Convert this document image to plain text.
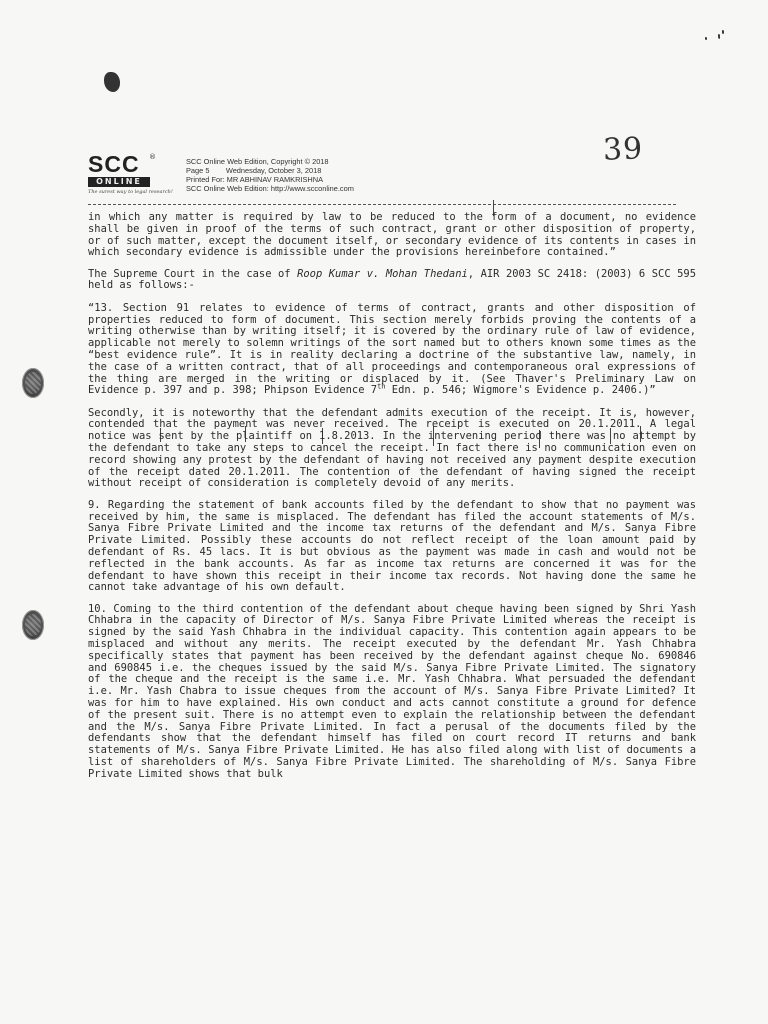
39
SCC	®
ONLINE
The surest way to legal research!
SCC Online Web Edition, Copyright © 2018
Page 5        Wednesday, October 3, 2018
Printed For: MR ABHINAV RAMKRISHNA
SCC Online Web Edition: http://www.scconline.com

in which any matter is required by law to be reduced to the form of a document, no evidence shall be given in proof of the terms of such contract, grant or other disposition of property, or of such matter, except the document itself, or secondary evidence of its contents in cases in which secondary evidence is admissible under the provisions hereinbefore contained.”

The Supreme Court in the case of Roop Kumar v. Mohan Thedani, AIR 2003 SC 2418: (2003) 6 SCC 595 held as follows:-

“13. Section 91 relates to evidence of terms of contract, grants and other disposition of properties reduced to form of document. This section merely forbids proving the contents of a writing otherwise than by writing itself; it is covered by the ordinary rule of law of evidence, applicable not merely to solemn writings of the sort named but to others known some times as the “best evidence rule”. It is in reality declaring a doctrine of the substantive law, namely, in the case of a written contract, that of all proceedings and contemporaneous oral expressions of the thing are merged in the writing or displaced by it. (See Thaver's Preliminary Law on Evidence p. 397 and p. 398; Phipson Evidence 7th Edn. p. 546; Wigmore's Evidence p. 2406.)”

Secondly, it is noteworthy that the defendant admits execution of the receipt. It is, however, contended that the payment was never received. The receipt is executed on 20.1.2011. A legal notice was sent by the plaintiff on 1.8.2013. In the intervening period there was no attempt by the defendant to take any steps to cancel the receipt. In fact there is no communication even on record showing any protest by the defendant of having not received any payment despite execution of the receipt dated 20.1.2011. The contention of the defendant of having signed the receipt without receipt of consideration is completely devoid of any merits.

9. Regarding the statement of bank accounts filed by the defendant to show that no payment was received by him, the same is misplaced. The defendant has filed the account statements of M/s. Sanya Fibre Private Limited and the income tax returns of the defendant and M/s. Sanya Fibre Private Limited. Possibly these accounts do not reflect receipt of the loan amount paid by defendant of Rs. 45 lacs. It is but obvious as the payment was made in cash and would not be reflected in the bank accounts. As far as income tax returns are concerned it was for the defendant to have shown this receipt in their income tax records. Not having done the same he cannot take advantage of his own default.

10. Coming to the third contention of the defendant about cheque having been signed by Shri Yash Chhabra in the capacity of Director of M/s. Sanya Fibre Private Limited whereas the receipt is signed by the said Yash Chhabra in the individual capacity. This contention again appears to be misplaced and without any merits. The receipt executed by the defendant Mr. Yash Chhabra specifically states that payment has been received by the defendant against cheque No. 690846 and 690845 i.e. the cheques issued by the said M/s. Sanya Fibre Private Limited. The signatory of the cheque and the receipt is the same i.e. Mr. Yash Chhabra. What persuaded the defendant i.e. Mr. Yash Chabra to issue cheques from the account of M/s. Sanya Fibre Private Limited? It was for him to have explained. His own conduct and acts cannot constitute a ground for defence of the present suit. There is no attempt even to explain the relationship between the defendant and the M/s. Sanya Fibre Private Limited. In fact a perusal of the documents filed by the defendants show that the defendant himself has filed on court record IT returns and bank statements of M/s. Sanya Fibre Private Limited. He has also filed along with list of documents a list of shareholders of M/s. Sanya Fibre Private Limited. The shareholding of M/s. Sanya Fibre Private Limited shows that bulk
